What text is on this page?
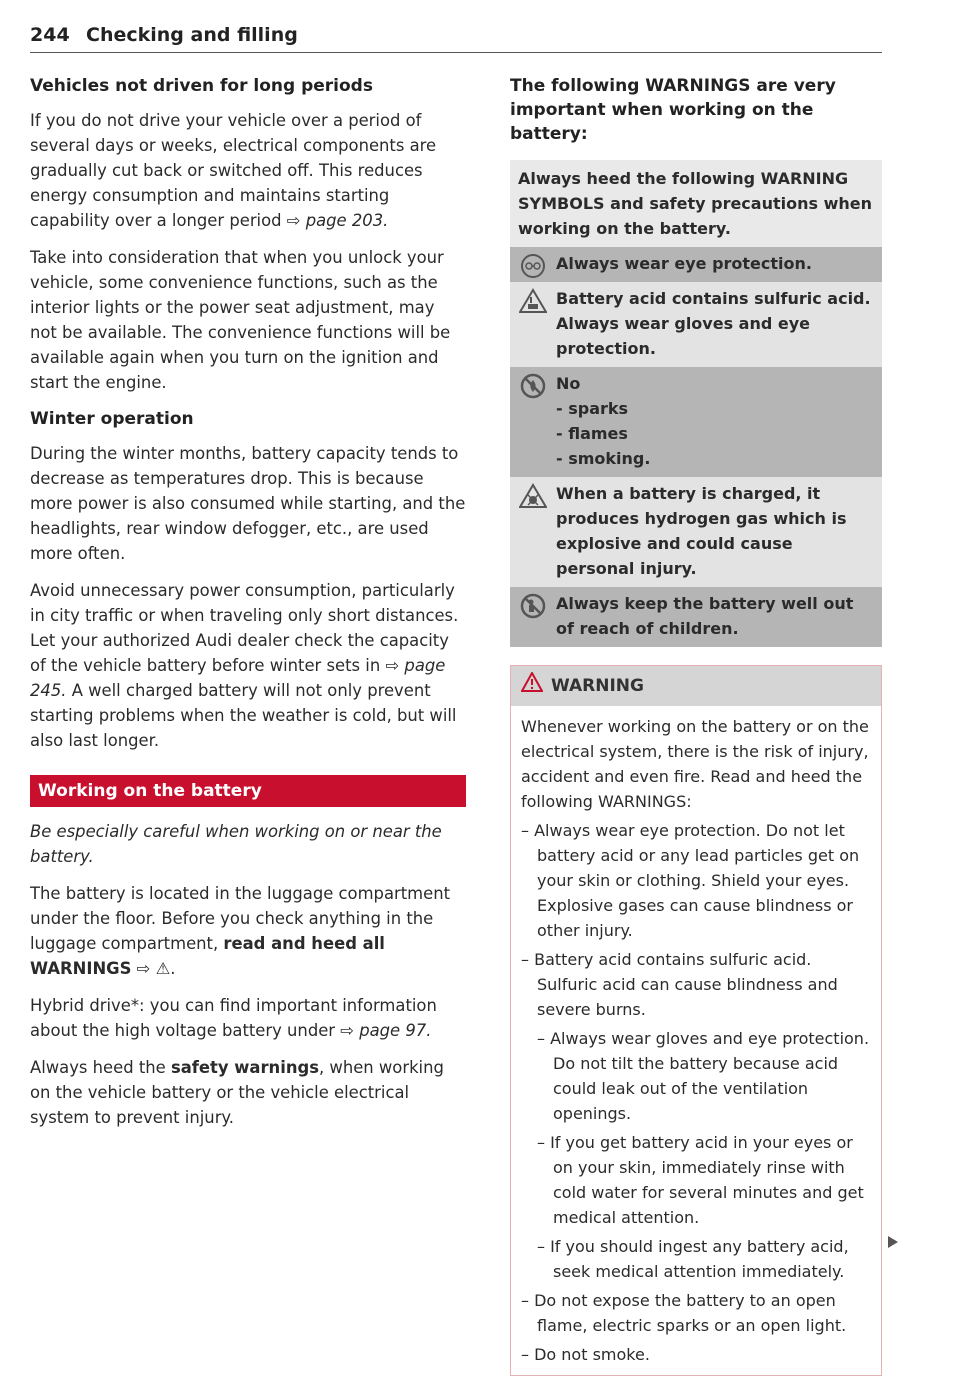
244 Checking and filling
Vehicles not driven for long periods

If you do not drive your vehicle over a period of several days or weeks, electrical components are gradually cut back or switched off. This reduces energy consumption and maintains starting capability over a longer period ⇨ page 203.

Take into consideration that when you unlock your vehicle, some convenience functions, such as the interior lights or the power seat adjustment, may not be available. The convenience functions will be available again when you turn on the ignition and start the engine.

Winter operation

During the winter months, battery capacity tends to decrease as temperatures drop. This is because more power is also consumed while starting, and the headlights, rear window defogger, etc., are used more often.

Avoid unnecessary power consumption, particularly in city traffic or when traveling only short distances. Let your authorized Audi dealer check the capacity of the vehicle battery before winter sets in ⇨ page 245. A well charged battery will not only prevent starting problems when the weather is cold, but will also last longer.

Working on the battery

Be especially careful when working on or near the battery.

The battery is located in the luggage compartment under the floor. Before you check anything in the luggage compartment, read and heed all WARNINGS ⇨ ⚠.

Hybrid drive*: you can find important information about the high voltage battery under ⇨ page 97.

Always heed the safety warnings, when working on the vehicle battery or the vehicle electrical system to prevent injury.

The following WARNINGS are very important when working on the battery:
Always heed the following WARNING SYMBOLS and safety precautions when working on the battery.
Always wear eye protection.
Battery acid contains sulfuric acid. Always wear gloves and eye protection.
No
- sparks
- flames
- smoking.
When a battery is charged, it produces hydrogen gas which is explosive and could cause personal injury.
Always keep the battery well out of reach of children.
WARNING

Whenever working on the battery or on the electrical system, there is the risk of injury, accident and even fire. Read and heed the following WARNINGS:

– Always wear eye protection. Do not let battery acid or any lead particles get on your skin or clothing. Shield your eyes. Explosive gases can cause blindness or other injury.

– Battery acid contains sulfuric acid. Sulfuric acid can cause blindness and severe burns.

– Always wear gloves and eye protection. Do not tilt the battery because acid could leak out of the ventilation openings.

– If you get battery acid in your eyes or on your skin, immediately rinse with cold water for several minutes and get medical attention.

– If you should ingest any battery acid, seek medical attention immediately.

– Do not expose the battery to an open flame, electric sparks or an open light.

– Do not smoke.
